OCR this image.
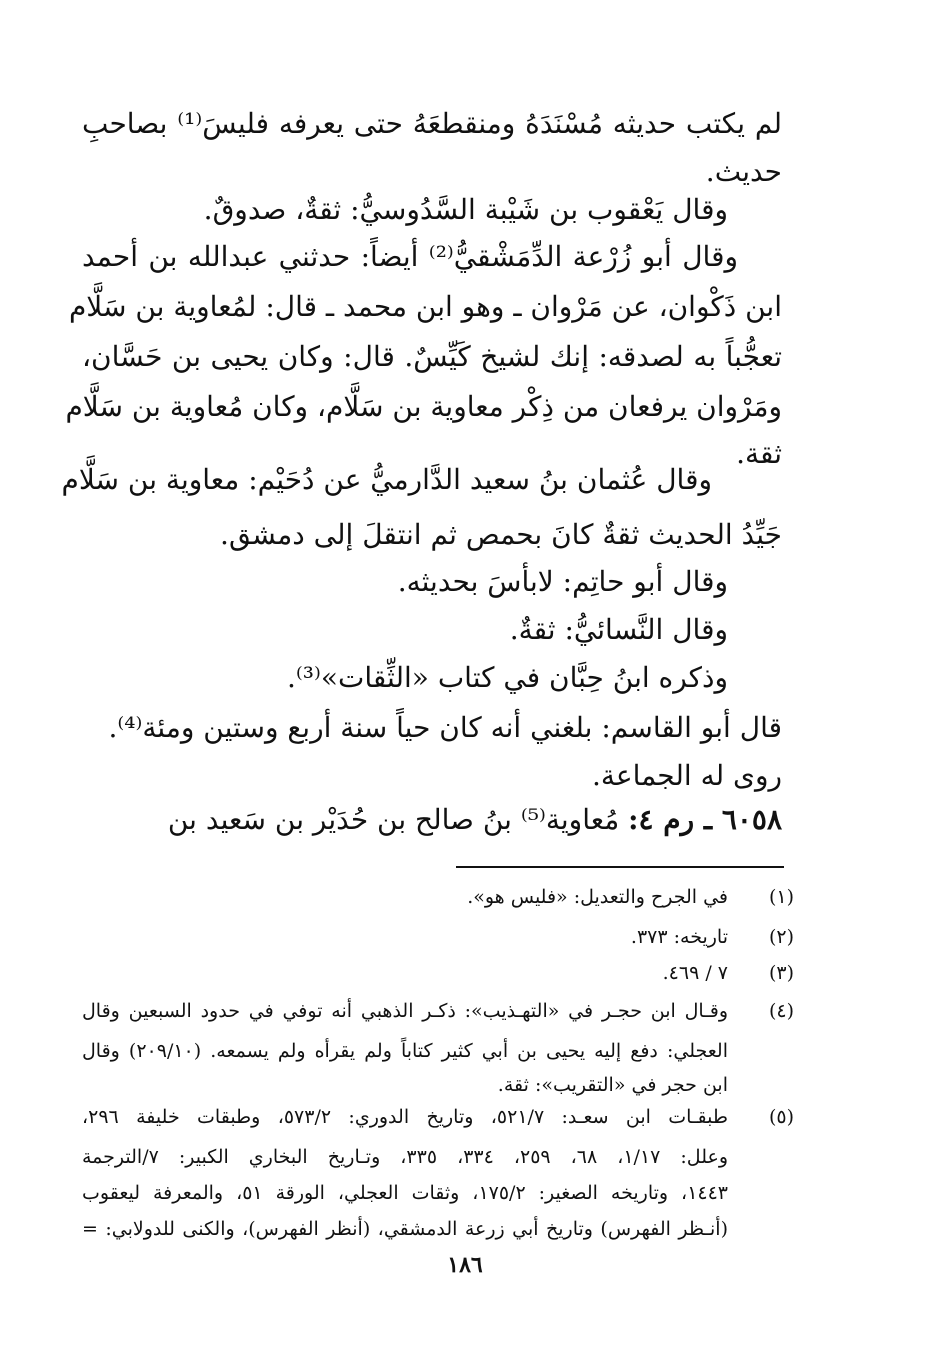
لم يكتب حديثه مُسْنَدَهُ ومنقطعَهُ حتى يعرفه فليسَ⁽¹⁾ بصاحبِ
حديث.
وقال يَعْقوب بن شَيْبة السَّدُوسيُّ: ثقةٌ، صدوقٌ.
وقال أبو زُرْعة الدِّمَشْقيُّ⁽²⁾ أيضاً: حدثني عبدالله بن أحمد
ابن ذَكْوان، عن مَرْوان ـ وهو ابن محمد ـ قال: لمُعاوية بن سَلَّام
تعجُّباً به لصدقه: إنك لشيخ كَيِّسٌ. قال: وكان يحيى بن حَسَّان،
ومَرْوان يرفعان من ذِكْر معاوية بن سَلَّام، وكان مُعاوية بن سَلَّام
ثقة.
وقال عُثمان بنُ سعيد الدَّارميُّ عن دُحَيْم: معاوية بن سَلَّام
جَيِّدُ الحديث ثقةٌ كانَ بحمص ثم انتقلَ إلى دمشق.
وقال أبو حاتِم: لابأسَ بحديثه.
وقال النَّسائيُّ: ثقةٌ.
وذكره ابنُ حِبَّان في كتاب «الثِّقات»⁽³⁾.
قال أبو القاسم: بلغني أنه كان حياً سنة أربع وستين ومئة⁽⁴⁾.
روى له الجماعة.
٦٠٥٨ ـ رم ٤: مُعاوية⁽⁵⁾ بنُ صالح بن حُدَيْر بن سَعيد بن
(١)
في الجرح والتعديل: «فليس هو».
(٢)
تاريخه: ٣٧٣.
(٣)
٧ / ٤٦٩.
(٤)
وقـال ابن حجـر في «التهـذيب»: ذكـر الذهبي أنه توفي في حدود السبعين وقال
العجلي: دفع إليه يحيى بن أبي كثير كتاباً ولم يقرأه ولم يسمعه. (٢٠٩/١٠) وقال
ابن حجر في «التقريب»: ثقة.
(٥)
طبقـات ابن سعـد: ٥٢١/٧، وتاريخ الدوري: ٥٧٣/٢، وطبقات خليفة ٢٩٦،
وعلل: ١/١٧، ٦٨، ٢٥٩، ٣٣٤، ٣٣٥، وتـاريخ البخاري الكبير: ٧/الترجمة
١٤٤٣، وتاريخه الصغير: ١٧٥/٢، وثقات العجلي، الورقة ٥١، والمعرفة ليعقوب
(أنـظر الفهرس) وتاريخ أبي زرعة الدمشقي، (أنظر الفهرس)، والكنى للدولابي: =
١٨٦
